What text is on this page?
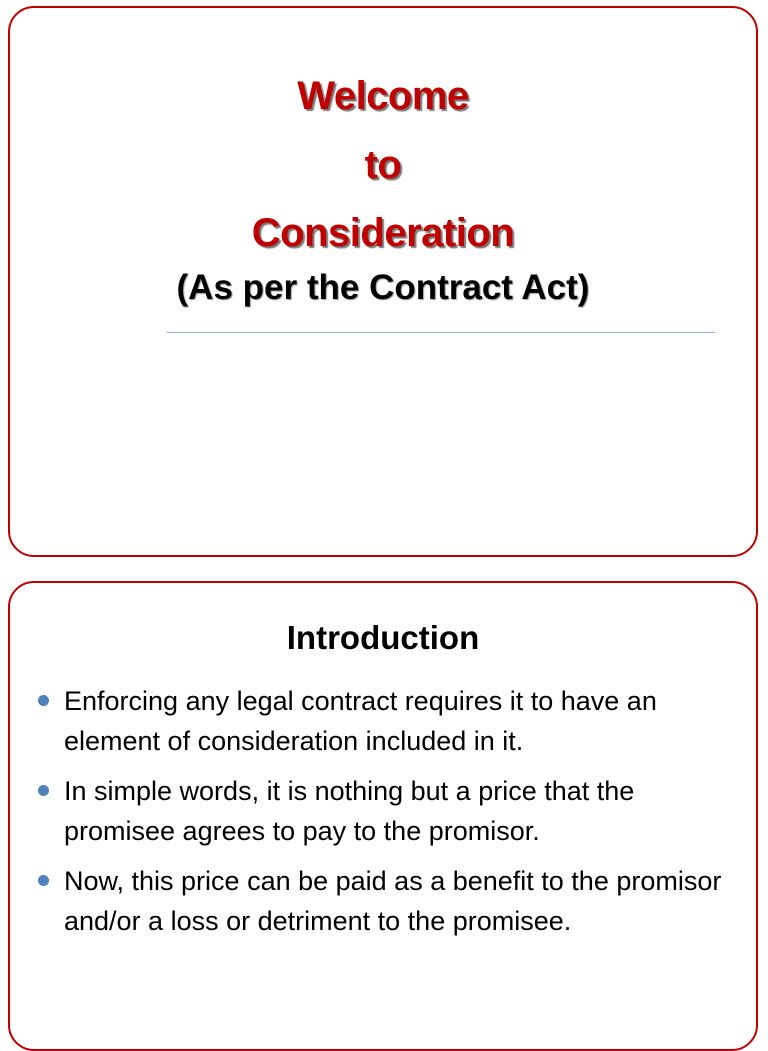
Welcome
to
Consideration
(As per the Contract Act)
Introduction
Enforcing any legal contract requires it to have an element of consideration included in it.
In simple words, it is nothing but a price that the promisee agrees to pay to the promisor.
Now, this price can be paid as a benefit to the promisor and/or a loss or detriment to the promisee.
